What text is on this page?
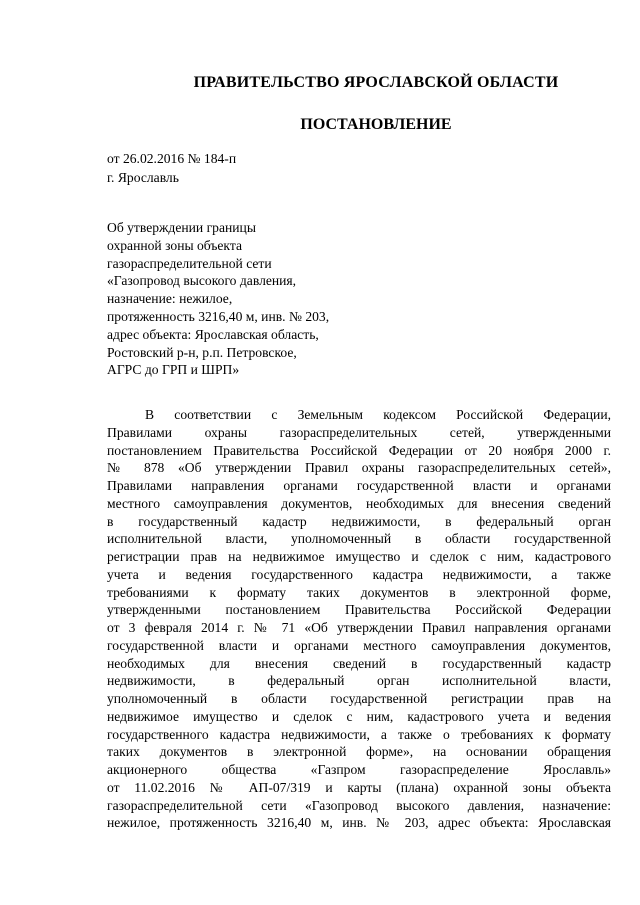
ПРАВИТЕЛЬСТВО ЯРОСЛАВСКОЙ ОБЛАСТИ
ПОСТАНОВЛЕНИЕ
от 26.02.2016 № 184-п
г. Ярославль
Об утверждении границы
охранной зоны объекта
газораспределительной сети
«Газопровод высокого давления,
назначение: нежилое,
протяженность 3216,40 м, инв. № 203,
адрес объекта: Ярославская область,
Ростовский р-н, р.п. Петровское,
АГРС до ГРП и ШРП»
В соответствии с Земельным кодексом Российской Федерации,
Правилами охраны газораспределительных сетей, утвержденными
постановлением Правительства Российской Федерации от 20 ноября 2000 г.
№ 878 «Об утверждении Правил охраны газораспределительных сетей»,
Правилами направления органами государственной власти и органами
местного самоуправления документов, необходимых для внесения сведений
в государственный кадастр недвижимости, в федеральный орган
исполнительной власти, уполномоченный в области государственной
регистрации прав на недвижимое имущество и сделок с ним, кадастрового
учета и ведения государственного кадастра недвижимости, а также
требованиями к формату таких документов в электронной форме,
утвержденными постановлением Правительства Российской Федерации
от 3 февраля 2014 г. № 71 «Об утверждении Правил направления органами
государственной власти и органами местного самоуправления документов,
необходимых для внесения сведений в государственный кадастр
недвижимости, в федеральный орган исполнительной власти,
уполномоченный в области государственной регистрации прав на
недвижимое имущество и сделок с ним, кадастрового учета и ведения
государственного кадастра недвижимости, а также о требованиях к формату
таких документов в электронной форме», на основании обращения
акционерного общества «Газпром газораспределение Ярославль»
от 11.02.2016 № АП-07/319 и карты (плана) охранной зоны объекта
газораспределительной сети «Газопровод высокого давления, назначение:
нежилое, протяженность 3216,40 м, инв. № 203, адрес объекта: Ярославская
